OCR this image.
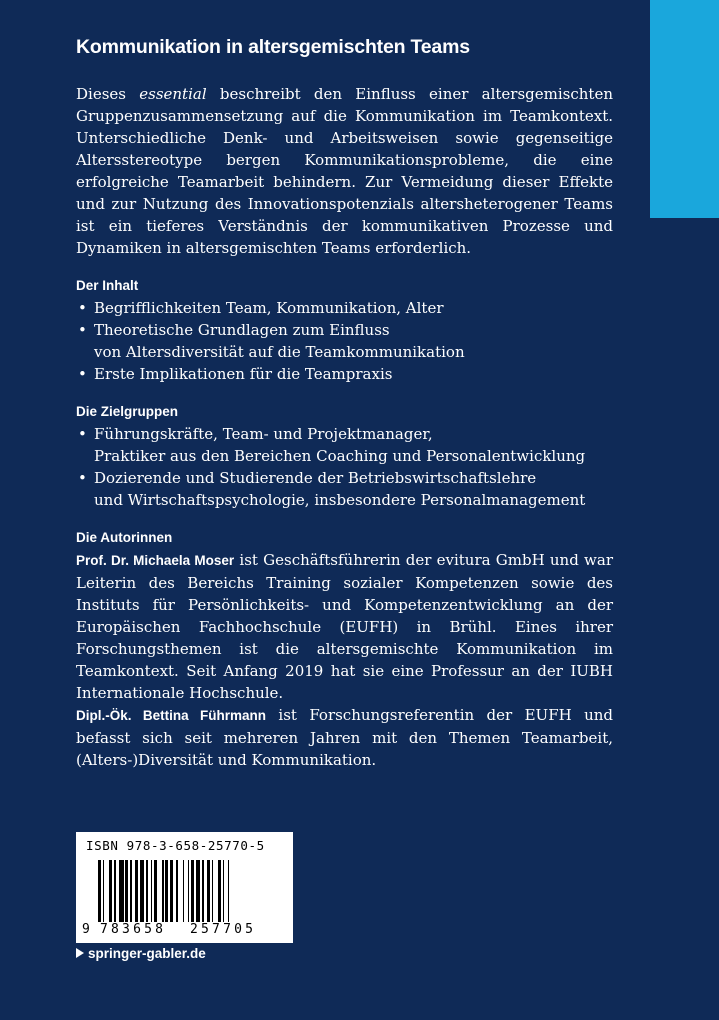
Kommunikation in altersgemischten Teams

Dieses essential beschreibt den Einfluss einer altersgemischten Gruppenzusammensetzung auf die Kommunikation im Teamkontext. Unterschiedliche Denk- und Arbeitsweisen sowie gegenseitige Altersstereotype bergen Kommunikationsprobleme, die eine erfolgreiche Teamarbeit behindern. Zur Vermeidung dieser Effekte und zur Nutzung des Innovationspotenzials altersheterogener Teams ist ein tieferes Verständnis der kommunikativen Prozesse und Dynamiken in altersgemischten Teams erforderlich.

Der Inhalt
• Begrifflichkeiten Team, Kommunikation, Alter
• Theoretische Grundlagen zum Einfluss
von Altersdiversität auf die Teamkommunikation
• Erste Implikationen für die Teampraxis
Die Zielgruppen
• Führungskräfte, Team- und Projektmanager,
Praktiker aus den Bereichen Coaching und Personalentwicklung
• Dozierende und Studierende der Betriebswirtschaftslehre
und Wirtschaftspsychologie, insbesondere Personalmanagement
Die Autorinnen

Prof. Dr. Michaela Moser ist Geschäftsführerin der evitura GmbH und war Leiterin des Bereichs Training sozialer Kompetenzen sowie des Instituts für Persönlichkeits- und Kompetenzentwicklung an der Europäischen Fachhochschule (EUFH) in Brühl. Eines ihrer Forschungsthemen ist die altersgemischte Kommunikation im Teamkontext. Seit Anfang 2019 hat sie eine Professur an der IUBH Internationale Hochschule.

Dipl.-Ök. Bettina Führmann ist Forschungsreferentin der EUFH und befasst sich seit mehreren Jahren mit den Themen Teamarbeit, (Alters-)Diversität und Kommunikation.

ISBN 978-3-658-25770-5
9 783658 257705
springer-gabler.de
